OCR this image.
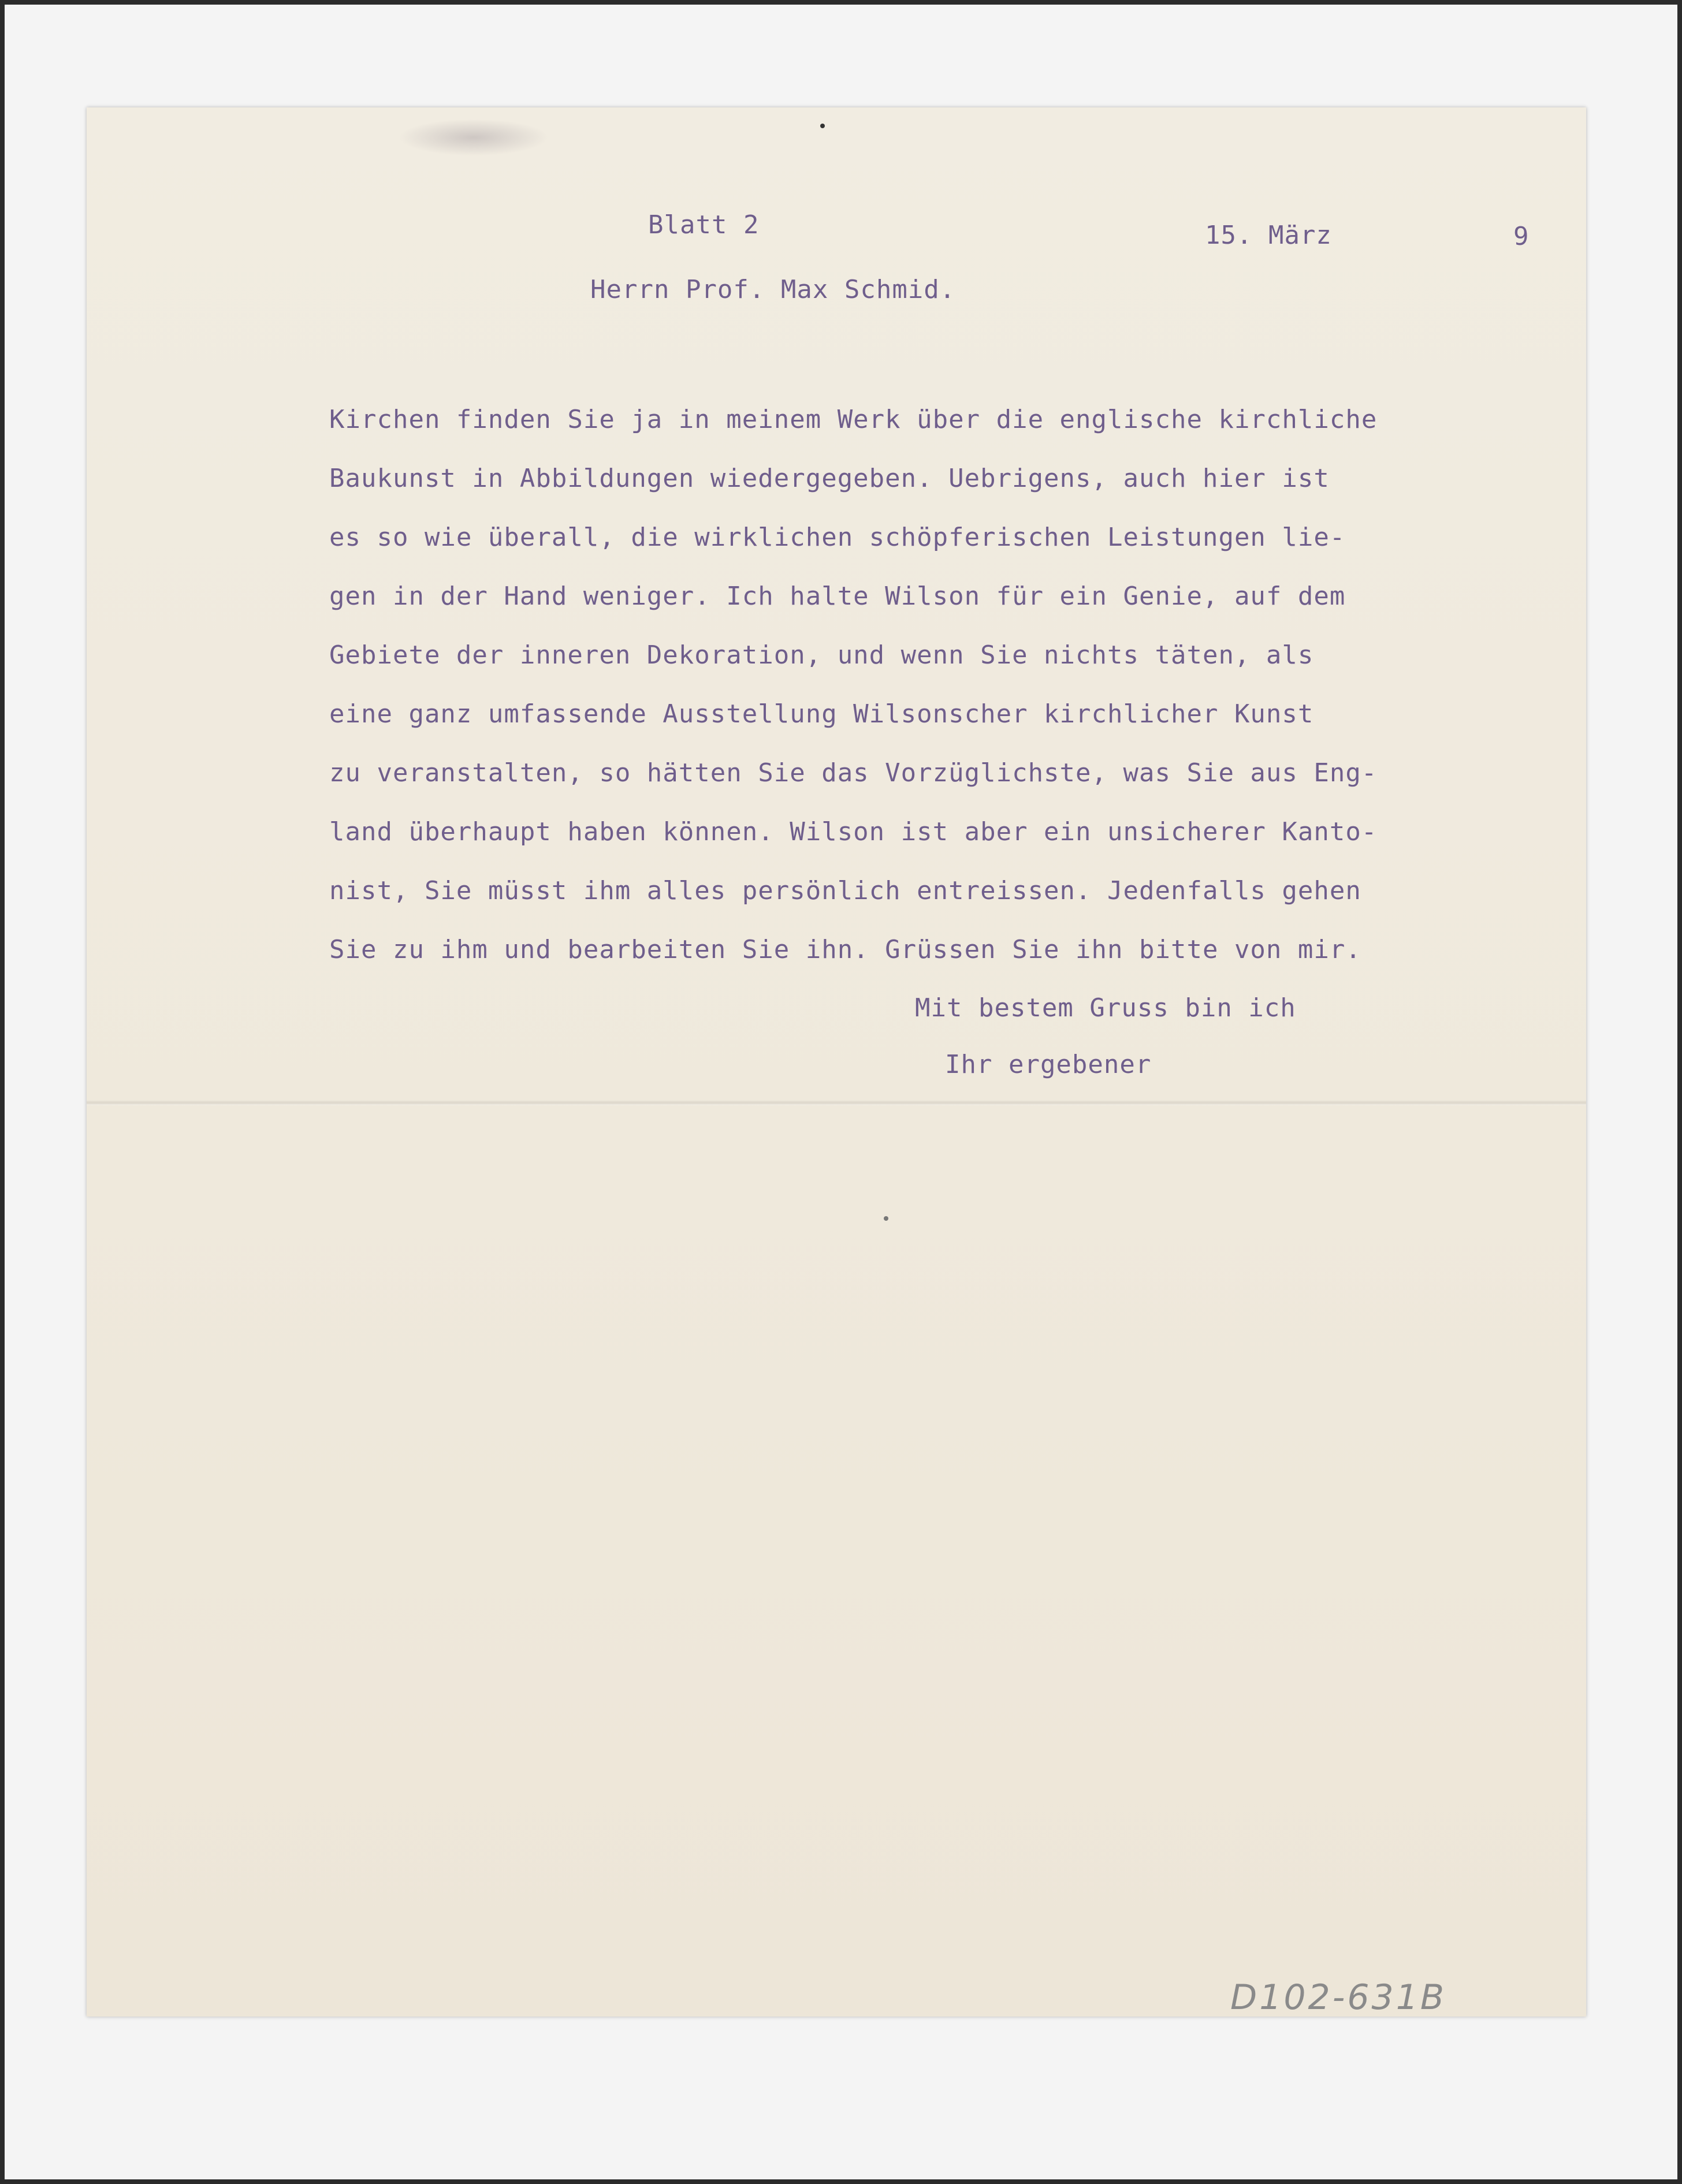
Blatt 2	15. März	9
Herrn Prof. Max Schmid.
Kirchen finden Sie ja in meinem Werk über die englische kirchliche
Baukunst in Abbildungen wiedergegeben. Uebrigens, auch hier ist
es so wie überall, die wirklichen schöpferischen Leistungen lie-
gen in der Hand weniger. Ich halte Wilson für ein Genie, auf dem
Gebiete der inneren Dekoration, und wenn Sie nichts täten, als
eine ganz umfassende Ausstellung Wilsonscher kirchlicher Kunst
zu veranstalten, so hätten Sie das Vorzüglichste, was Sie aus Eng-
land überhaupt haben können. Wilson ist aber ein unsicherer Kanto-
nist, Sie müsst ihm alles persönlich entreissen. Jedenfalls gehen
Sie zu ihm und bearbeiten Sie ihn. Grüssen Sie ihn bitte von mir.
Mit bestem Gruss bin ich
Ihr ergebener
D102-631B
